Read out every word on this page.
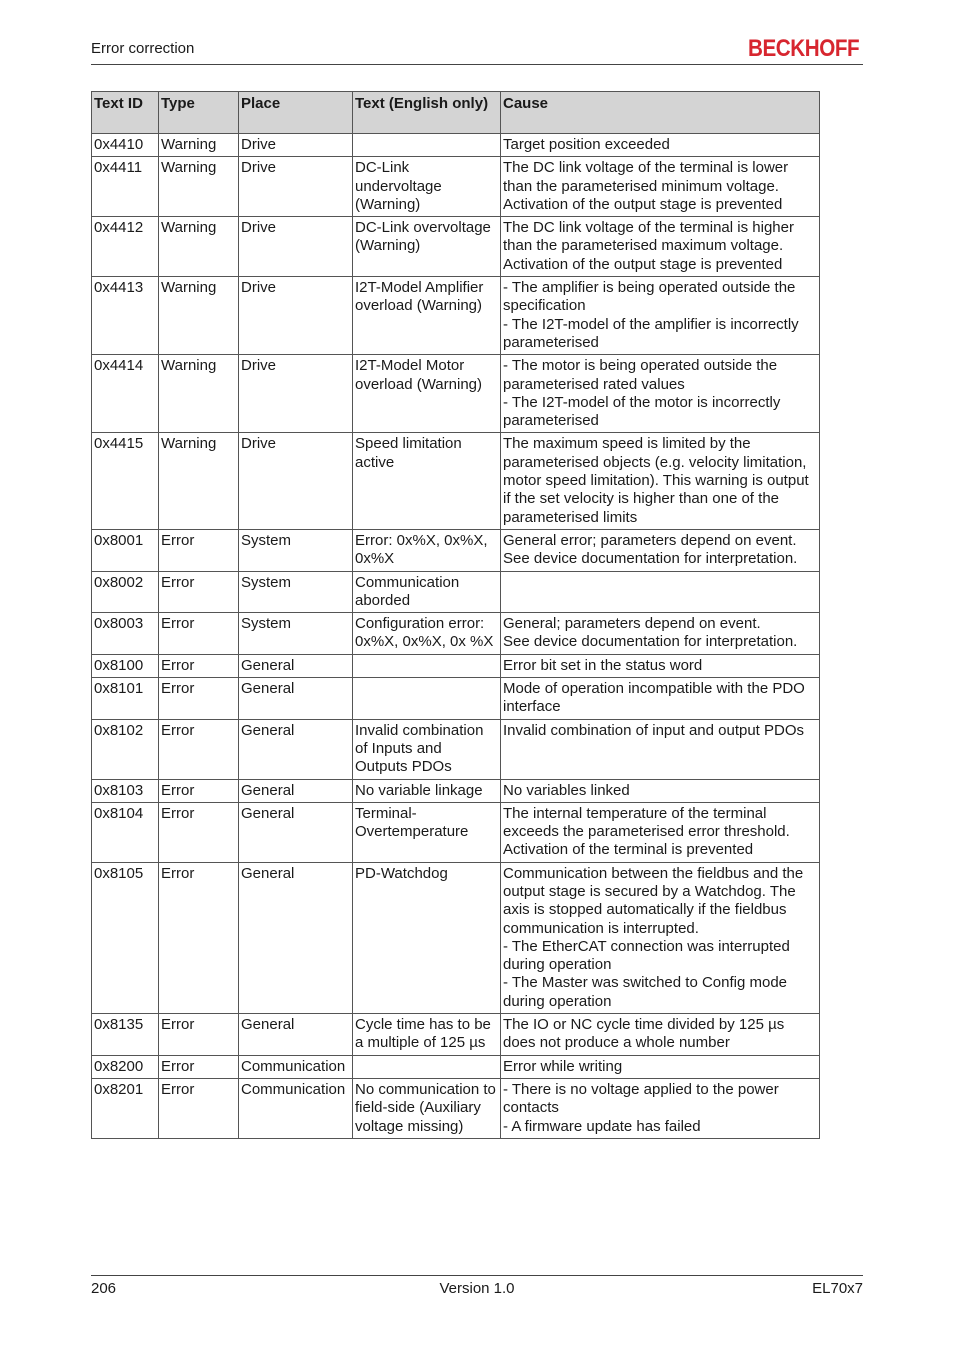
Error correction	BECKHOFF
Text ID	Type	Place	Text (English only)	Cause
0x4410	Warning	Drive		Target position exceeded
0x4411	Warning	Drive	DC-Link undervoltage (Warning)	The DC link voltage of the terminal is lower than the parameterised minimum voltage. Activation of the output stage is prevented
0x4412	Warning	Drive	DC-Link overvoltage (Warning)	The DC link voltage of the terminal is higher than the parameterised maximum voltage. Activation of the output stage is prevented
0x4413	Warning	Drive	I2T-Model Amplifier overload (Warning)	- The amplifier is being operated outside the specification
- The I2T-model of the amplifier is incorrectly parameterised
0x4414	Warning	Drive	I2T-Model Motor overload (Warning)	- The motor is being operated outside the parameterised rated values
- The I2T-model of the motor is incorrectly parameterised
0x4415	Warning	Drive	Speed limitation active	The maximum speed is limited by the parameterised objects (e.g. velocity limitation, motor speed limitation). This warning is output if the set velocity is higher than one of the parameterised limits
0x8001	Error	System	Error: 0x%X, 0x%X, 0x%X	General error; parameters depend on event. See device documentation for interpretation.
0x8002	Error	System	Communication aborded	
0x8003	Error	System	Configuration error: 0x%X, 0x%X, 0x %X	General; parameters depend on event.
See device documentation for interpretation.
0x8100	Error	General		Error bit set in the status word
0x8101	Error	General		Mode of operation incompatible with the PDO interface
0x8102	Error	General	Invalid combination of Inputs and Outputs PDOs	Invalid combination of input and output PDOs
0x8103	Error	General	No variable linkage	No variables linked
0x8104	Error	General	Terminal-Overtemperature	The internal temperature of the terminal exceeds the parameterised error threshold. Activation of the terminal is prevented
0x8105	Error	General	PD-Watchdog	Communication between the fieldbus and the output stage is secured by a Watchdog. The axis is stopped automatically if the fieldbus communication is interrupted.
- The EtherCAT connection was interrupted during operation
- The Master was switched to Config mode during operation
0x8135	Error	General	Cycle time has to be a multiple of 125 µs	The IO or NC cycle time divided by 125 µs does not produce a whole number
0x8200	Error	Communication		Error while writing
0x8201	Error	Communication	No communication to field-side (Auxiliary voltage missing)	- There is no voltage applied to the power contacts
- A firmware update has failed
206	Version 1.0	EL70x7
